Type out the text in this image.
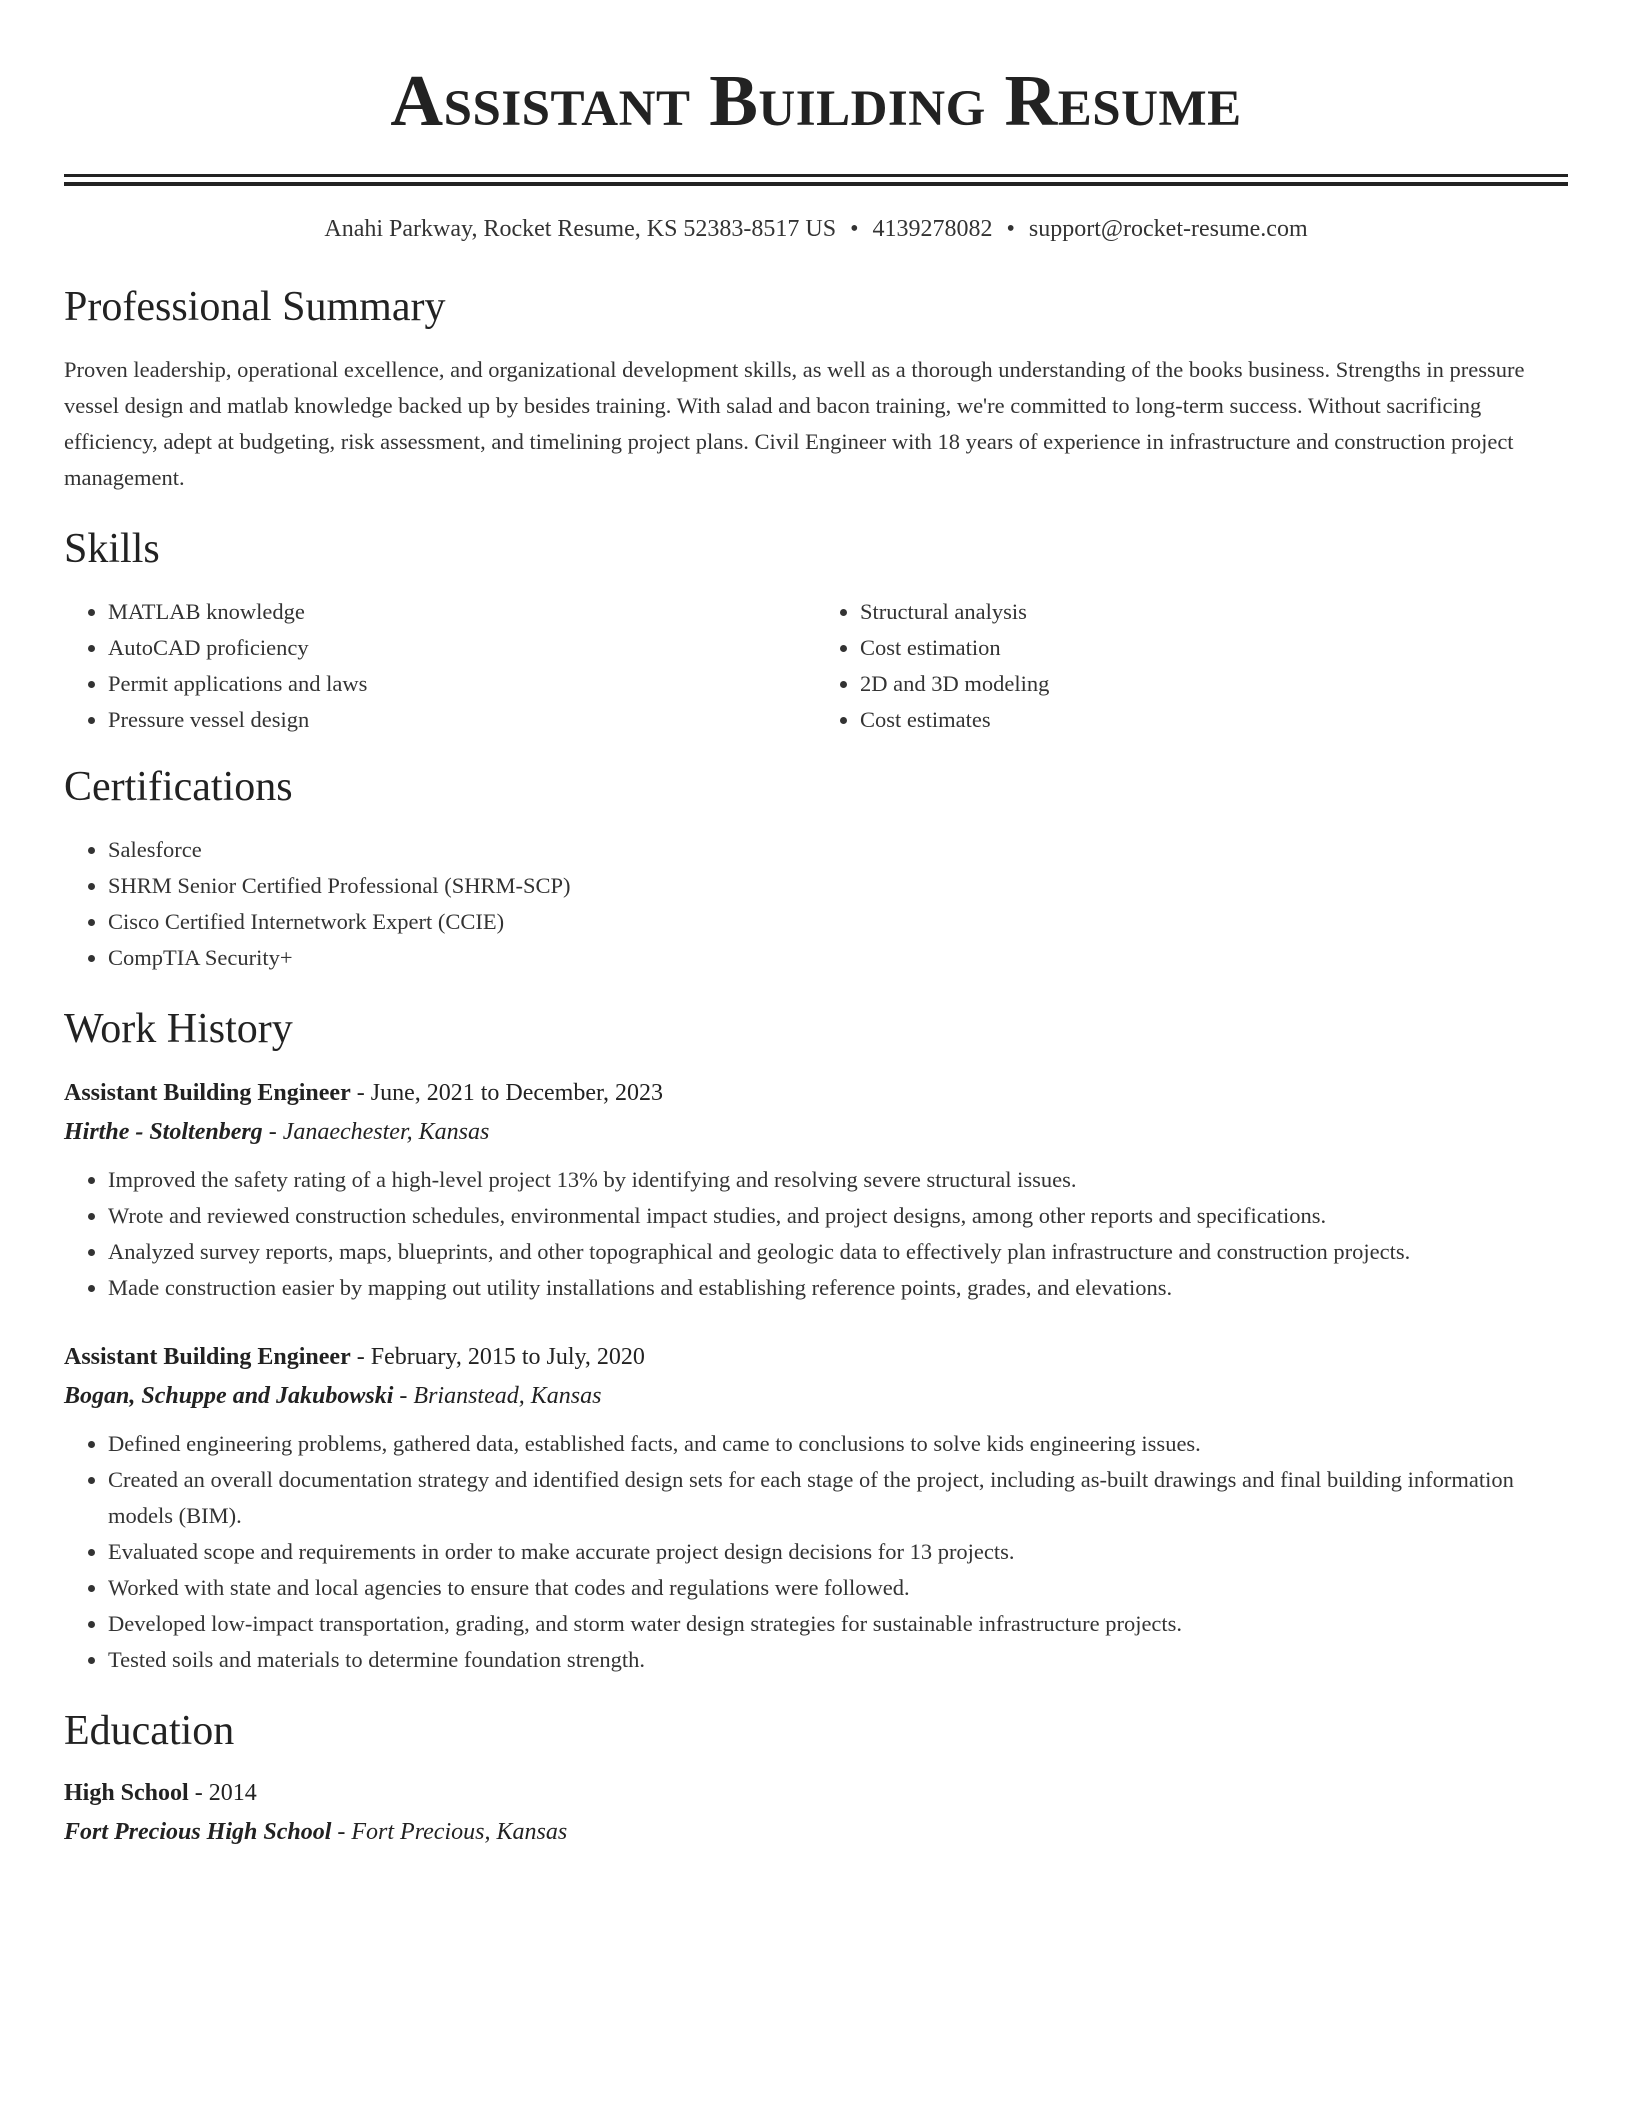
Assistant Building Resume
Anahi Parkway, Rocket Resume, KS 52383-8517 US • 4139278082 • support@rocket-resume.com
Professional Summary

Proven leadership, operational excellence, and organizational development skills, as well as a thorough understanding of the books business. Strengths in pressure vessel design and matlab knowledge backed up by besides training. With salad and bacon training, we're committed to long-term success. Without sacrificing efficiency, adept at budgeting, risk assessment, and timelining project plans. Civil Engineer with 18 years of experience in infrastructure and construction project management.

Skills
• MATLAB knowledge
• AutoCAD proficiency
• Permit applications and laws
• Pressure vessel design
• Structural analysis
• Cost estimation
• 2D and 3D modeling
• Cost estimates
Certifications
• Salesforce
• SHRM Senior Certified Professional (SHRM-SCP)
• Cisco Certified Internetwork Expert (CCIE)
• CompTIA Security+
Work History
Assistant Building Engineer - June, 2021 to December, 2023
Hirthe - Stoltenberg - Janaechester, Kansas
• Improved the safety rating of a high-level project 13% by identifying and resolving severe structural issues.
• Wrote and reviewed construction schedules, environmental impact studies, and project designs, among other reports and specifications.
• Analyzed survey reports, maps, blueprints, and other topographical and geologic data to effectively plan infrastructure and construction projects.
• Made construction easier by mapping out utility installations and establishing reference points, grades, and elevations.
Assistant Building Engineer - February, 2015 to July, 2020
Bogan, Schuppe and Jakubowski - Brianstead, Kansas
• Defined engineering problems, gathered data, established facts, and came to conclusions to solve kids engineering issues.
• Created an overall documentation strategy and identified design sets for each stage of the project, including as-built drawings and final building information models (BIM).
• Evaluated scope and requirements in order to make accurate project design decisions for 13 projects.
• Worked with state and local agencies to ensure that codes and regulations were followed.
• Developed low-impact transportation, grading, and storm water design strategies for sustainable infrastructure projects.
• Tested soils and materials to determine foundation strength.
Education
High School - 2014
Fort Precious High School - Fort Precious, Kansas
